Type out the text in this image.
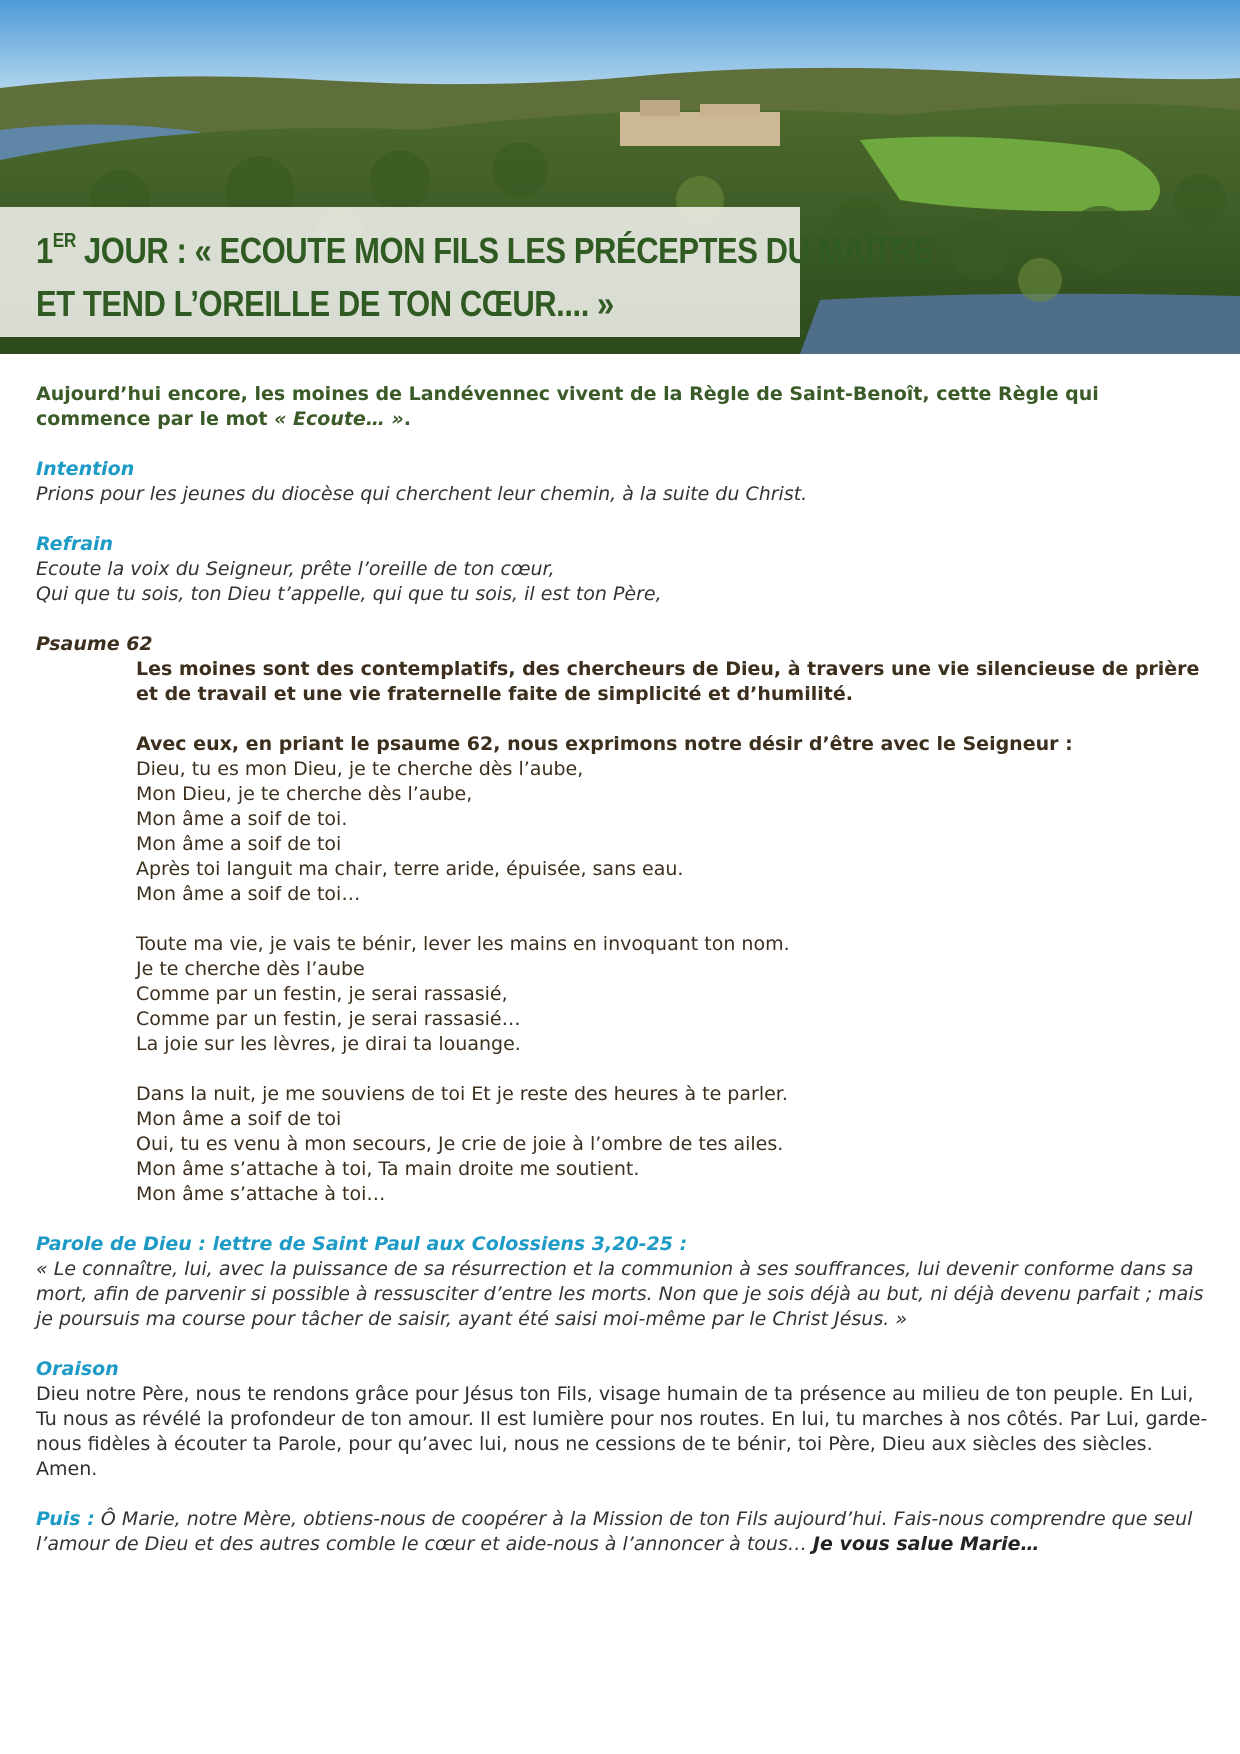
1ER JOUR : « ECOUTE MON FILS LES PRÉCEPTES DU MAÎTRE
ET TEND L’OREILLE DE TON CŒUR.... »

Aujourd’hui encore, les moines de Landévennec vivent de la Règle de Saint-Benoît, cette Règle qui commence par le mot « Ecoute… ».

Intention

Prions pour les jeunes du diocèse qui cherchent leur chemin, à la suite du Christ.

Refrain

Ecoute la voix du Seigneur, prête l’oreille de ton cœur,

Qui que tu sois, ton Dieu t’appelle, qui que tu sois, il est ton Père,

Psaume 62

Les moines sont des contemplatifs, des chercheurs de Dieu, à travers une vie silencieuse de prière et de travail et une vie fraternelle faite de simplicité et d’humilité.

Avec eux, en priant le psaume 62, nous exprimons notre désir d’être avec le Seigneur :

Dieu, tu es mon Dieu, je te cherche dès l’aube,

Mon Dieu, je te cherche dès l’aube,

Mon âme a soif de toi.

Mon âme a soif de toi

Après toi languit ma chair, terre aride, épuisée, sans eau.

Mon âme a soif de toi…

Toute ma vie, je vais te bénir, lever les mains en invoquant ton nom.

Je te cherche dès l’aube

Comme par un festin, je serai rassasié,

Comme par un festin, je serai rassasié…

La joie sur les lèvres, je dirai ta louange.

Dans la nuit, je me souviens de toi Et je reste des heures à te parler.

Mon âme a soif de toi

Oui, tu es venu à mon secours, Je crie de joie à l’ombre de tes ailes.

Mon âme s’attache à toi, Ta main droite me soutient.

Mon âme s’attache à toi…

Parole de Dieu : lettre de Saint Paul aux Colossiens 3,20-25 :

« Le connaître, lui, avec la puissance de sa résurrection et la communion à ses souffrances, lui devenir conforme dans sa mort, afin de parvenir si possible à ressusciter d’entre les morts. Non que je sois déjà au but, ni déjà devenu parfait ; mais je poursuis ma course pour tâcher de saisir, ayant été saisi moi-même par le Christ Jésus. »

Oraison

Dieu notre Père, nous te rendons grâce pour Jésus ton Fils, visage humain de ta présence au milieu de ton peuple. En Lui, Tu nous as révélé la profondeur de ton amour. Il est lumière pour nos routes. En lui, tu marches à nos côtés. Par Lui, garde-nous fidèles à écouter ta Parole, pour qu’avec lui, nous ne cessions de te bénir, toi Père, Dieu aux siècles des siècles. Amen.

Puis : Ô Marie, notre Mère, obtiens-nous de coopérer à la Mission de ton Fils aujourd’hui. Fais-nous comprendre que seul l’amour de Dieu et des autres comble le cœur et aide-nous à l’annoncer à tous… Je vous salue Marie…
